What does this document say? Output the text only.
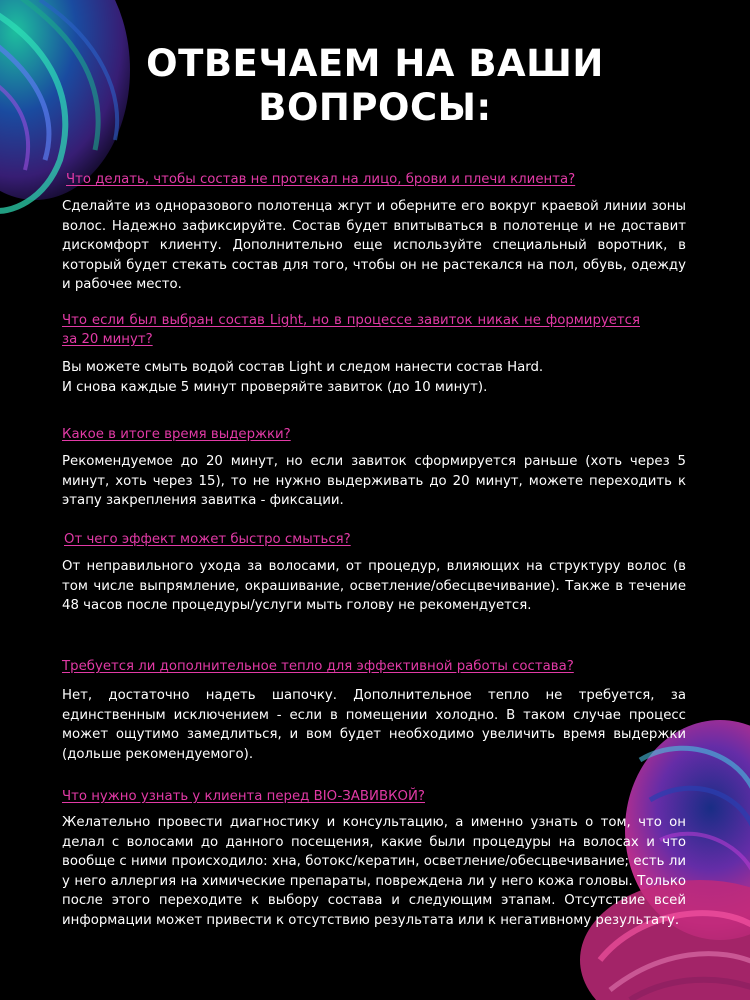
ОТВЕЧАЕМ НА ВАШИ
ВОПРОСЫ:
Что делать, чтобы состав не протекал на лицо, брови и плечи клиента?

Сделайте из одноразового полотенца жгут и оберните его вокруг краевой линии зоны волос. Надежно зафиксируйте. Состав будет впитываться в полотенце и не доставит дискомфорт клиенту. Дополнительно еще используйте специальный воротник, в который будет стекать состав для того, чтобы он не растекался на пол, обувь, одежду и рабочее место.

Что если был выбран состав Light, но в процессе завиток никак не формируется за 20 минут?

Вы можете смыть водой состав Light и следом нанести состав Hard.
И снова каждые 5 минут проверяйте завиток (до 10 минут).

Какое в итоге время выдержки?

Рекомендуемое до 20 минут, но если завиток сформируется раньше (хоть через 5 минут, хоть через 15), то не нужно выдерживать до 20 минут, можете переходить к этапу закрепления завитка - фиксации.

От чего эффект может быстро смыться?

От неправильного ухода за волосами, от процедур, влияющих на структуру волос (в том числе выпрямление, окрашивание, осветление/обесцвечивание). Также в течение 48 часов после процедуры/услуги мыть голову не рекомендуется.

Требуется ли дополнительное тепло для эффективной работы состава?

Нет, достаточно надеть шапочку. Дополнительное тепло не требуется, за единственным исключением - если в помещении холодно. В таком случае процесс может ощутимо замедлиться, и вом будет необходимо увеличить время выдержки (дольше рекомендуемого).

Что нужно узнать у клиента перед BIO-ЗАВИВКОЙ?

Желательно провести диагностику и консультацию, а именно узнать о том, что он делал с волосами до данного посещения, какие были процедуры на волосах и что вообще с ними происходило: хна, ботокс/кератин, осветление/обесцвечивание; есть ли у него аллергия на химические препараты, повреждена ли у него кожа головы. Только после этого переходите к выбору состава и следующим этапам. Отсутствие всей информации может привести к отсутствию результата или к негативному результату.
